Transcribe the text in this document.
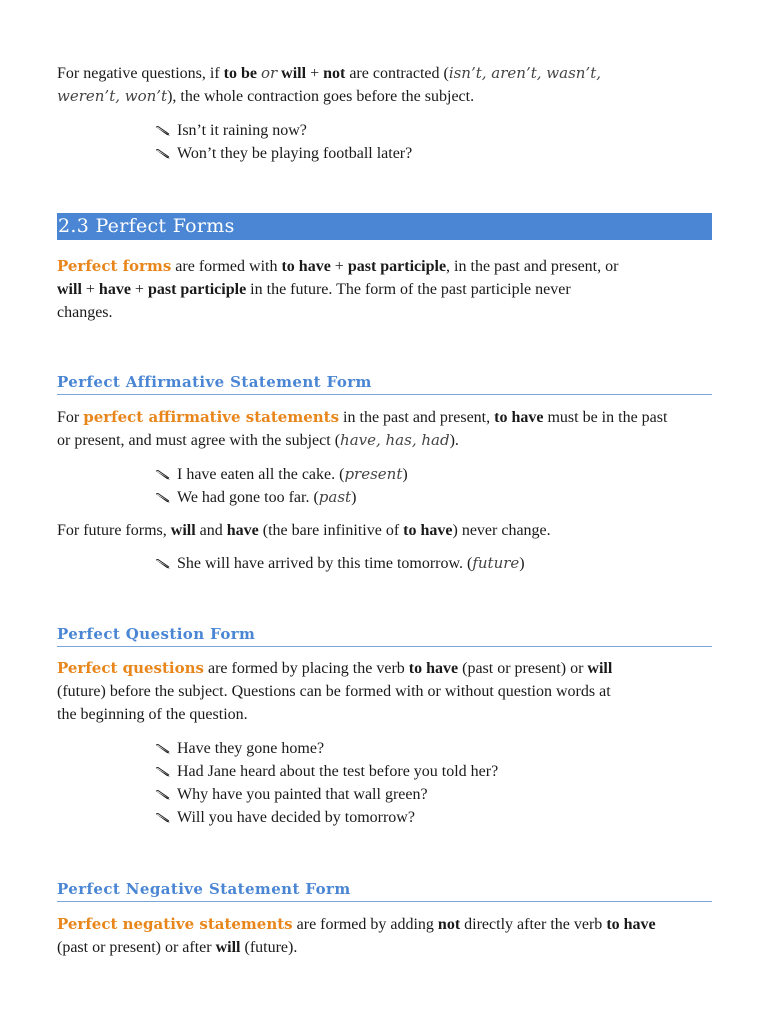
For negative questions, if to be or will + not are contracted (isn’t, aren’t, wasn’t,
weren’t, won’t), the whole contraction goes before the subject.

Isn’t it raining now?
Won’t they be playing football later?
2.3 Perfect Forms

Perfect forms are formed with to have + past participle, in the past and present, or
will + have + past participle in the future. The form of the past participle never
changes.

Perfect Affirmative Statement Form

For perfect affirmative statements in the past and present, to have must be in the past
or present, and must agree with the subject (have, has, had).

I have eaten all the cake. ( present )
We had gone too far. ( past )

For future forms, will and have (the bare infinitive of to have) never change.

She will have arrived by this time tomorrow. ( future )
Perfect Question Form

Perfect questions are formed by placing the verb to have (past or present) or will
(future) before the subject. Questions can be formed with or without question words at
the beginning of the question.

Have they gone home?
Had Jane heard about the test before you told her?
Why have you painted that wall green?
Will you have decided by tomorrow?
Perfect Negative Statement Form

Perfect negative statements are formed by adding not directly after the verb to have
(past or present) or after will (future).
